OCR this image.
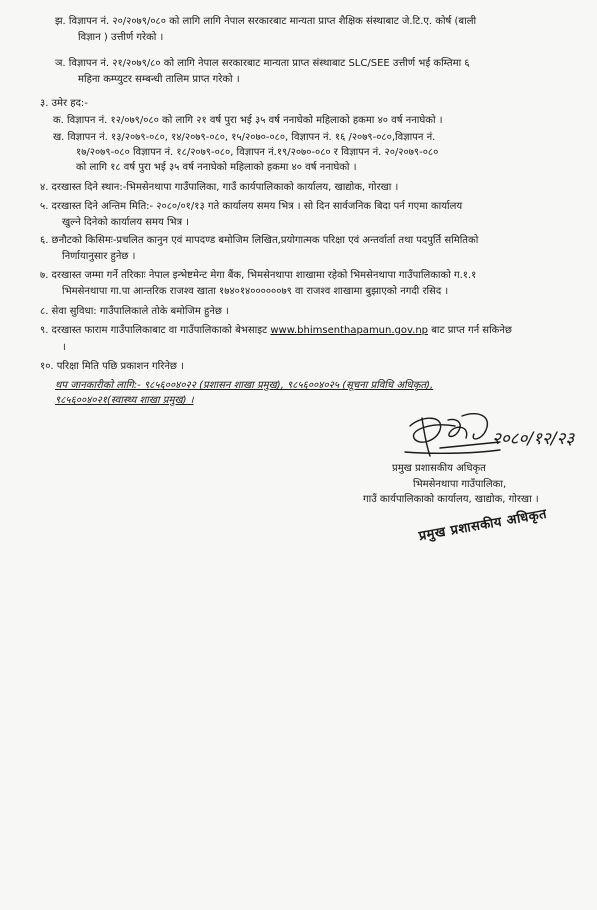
झ. विज्ञापन नं. २०/२०७९/०८० को लागि लागि नेपाल सरकारबाट मान्यता प्राप्त शैक्षिक संस्थाबाट जे.टि.ए. कोर्ष (बाली
विज्ञान ) उत्तीर्ण गरेको ।
ञ. विज्ञापन नं. २१/२०७९/८० को लागि नेपाल सरकारबाट मान्यता प्राप्त संस्थाबाट SLC/SEE उत्तीर्ण भई कम्तिमा ६
महिना कम्प्युटर सम्बन्धी तालिम प्राप्त गरेको ।
३. उमेर हद:-
क. विज्ञापन नं. १२/०७९/०८० को लागि २१ वर्ष पुरा भई ३५ वर्ष ननाघेको महिलाको हकमा ४० वर्ष ननाघेको ।
ख. विज्ञापन नं. १३/२०७९-०८०, १४/२०७९-०८०, १५/२०७०-०८०, विज्ञापन नं. १६ /२०७९-०८०,विज्ञापन नं.
१७/२०७९-०८० विज्ञापन नं. १८/२०७९-०८०, विज्ञापन नं.१९/२०७०-०८० र विज्ञापन नं. २०/२०७९-०८०
को लागि १८ वर्ष पुरा भई ३५ वर्ष ननाघेको महिलाको हकमा ४० वर्ष ननाघेको ।
४. दरखास्त दिने स्थान:-भिमसेनथापा गाउँपालिका, गाउँ कार्यपालिकाको कार्यालय, खाद्योक, गोरखा ।
५. दरखास्त दिने अन्तिम मिति:- २०८०/०१/१३ गते कार्यालय समय भित्र । सो दिन सार्वजनिक बिदा पर्न गएमा कार्यालय
खुल्ने दिनेको कार्यालय समय भित्र ।
६. छनौटको किसिमः-प्रचलित कानुन एवं मापदण्ड बमोजिम लिखित,प्रयोगात्मक परिक्षा एवं अन्तर्वार्ता तथा पदपुर्ति समितिको
निर्णायानुसार हुनेछ ।
७. दरखास्त जम्मा गर्ने तरिकाः नेपाल इन्भेष्टमेन्ट मेगा बैंक, भिमसेनथापा शाखामा रहेको भिमसेनथापा गाउँपालिकाको ग.१.१
भिमसेनथापा गा.पा आन्तरिक राजश्व खाता १७४०१४००००००७९ वा राजश्व शाखामा बुझाएको नगदी रसिद ।
८. सेवा सुविधा: गाउँपालिकाले तोके बमोजिम हुनेछ ।
९. दरखास्त फाराम गाउँपालिकाबाट वा गाउँपालिकाको बेभसाइट www.bhimsenthapamun.gov.np बाट प्राप्त गर्न सकिनेछ
।
१०. परिक्षा मिति पछि प्रकाशन गरिनेछ ।
थप जानकारीको लागि:- ९८५६००४०२२ (प्रशासन शाखा प्रमुख), ९८५६००४०२५ (सूचना प्रविधि अधिकृत),
९८५६००४०२१(स्वास्थ्य शाखा प्रमुख) ।
२०८०/१२/२३
प्रमुख प्रशासकीय अधिकृत
भिमसेनथापा गाउँपालिका,
गाउँ कार्यपालिकाको कार्यालय, खाद्योक, गोरखा ।
प्रमुख प्रशासकीय अधिकृत
